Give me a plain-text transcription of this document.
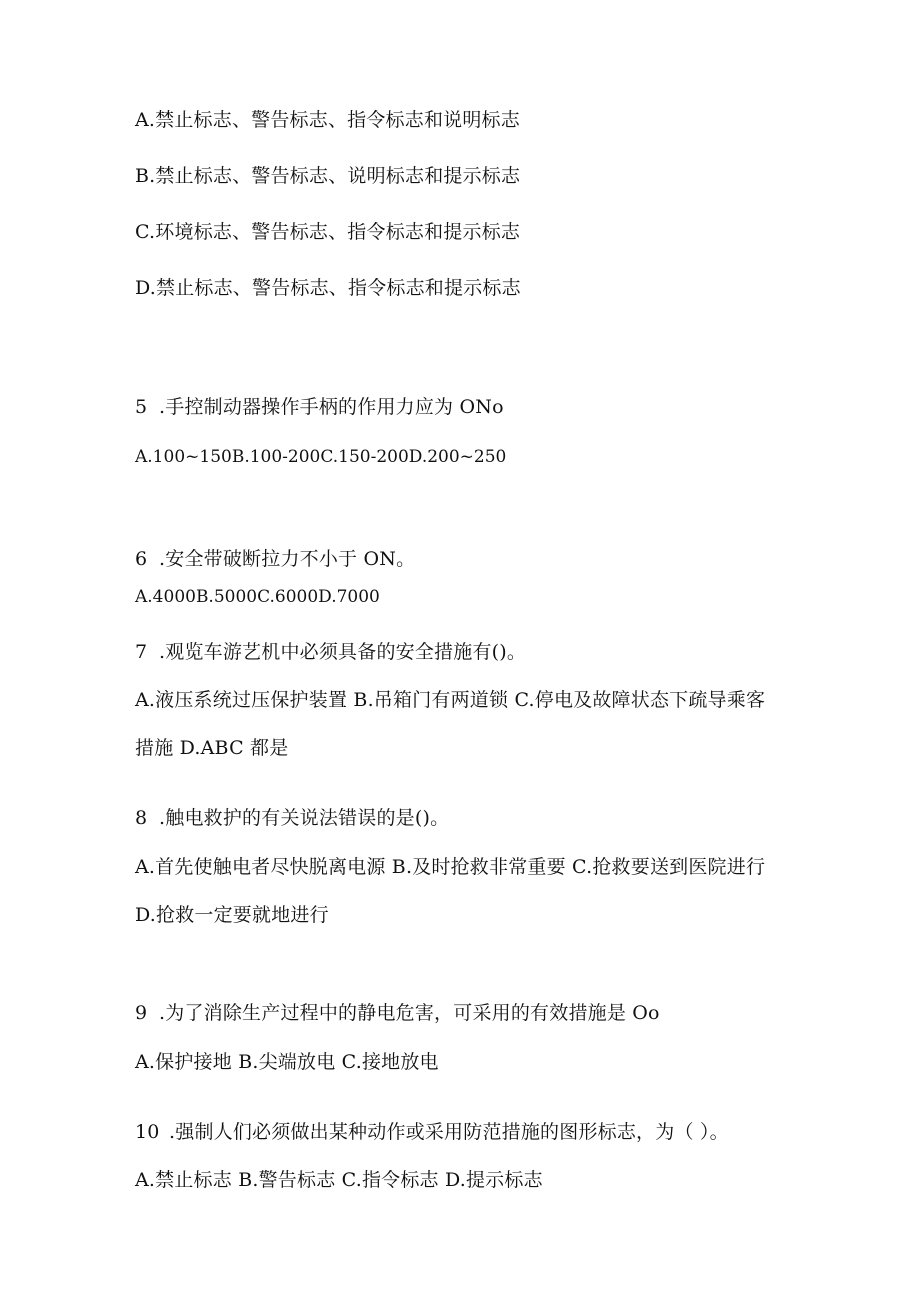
A.禁止标志、警告标志、指令标志和说明标志
B.禁止标志、警告标志、说明标志和提示标志
C.环境标志、警告标志、指令标志和提示标志
D.禁止标志、警告标志、指令标志和提示标志
5 .手控制动器操作手柄的作用力应为 ONo
A.100~150B.100-200C.150-200D.200~250
6 .安全带破断拉力不小于 ON。
A.4000B.5000C.6000D.7000
7 .观览车游艺机中必须具备的安全措施有()。
A.液压系统过压保护装置 B.吊箱门有两道锁 C.停电及故障状态下疏导乘客
措施 D.ABC 都是
8 .触电救护的有关说法错误的是()。
A.首先使触电者尽快脱离电源 B.及时抢救非常重要 C.抢救要送到医院进行
D.抢救一定要就地进行
9 .为了消除生产过程中的静电危害，可采用的有效措施是 Oo
A.保护接地 B.尖端放电 C.接地放电
10 .强制人们必须做出某种动作或采用防范措施的图形标志，为（ ）。
A.禁止标志 B.警告标志 C.指令标志 D.提示标志
